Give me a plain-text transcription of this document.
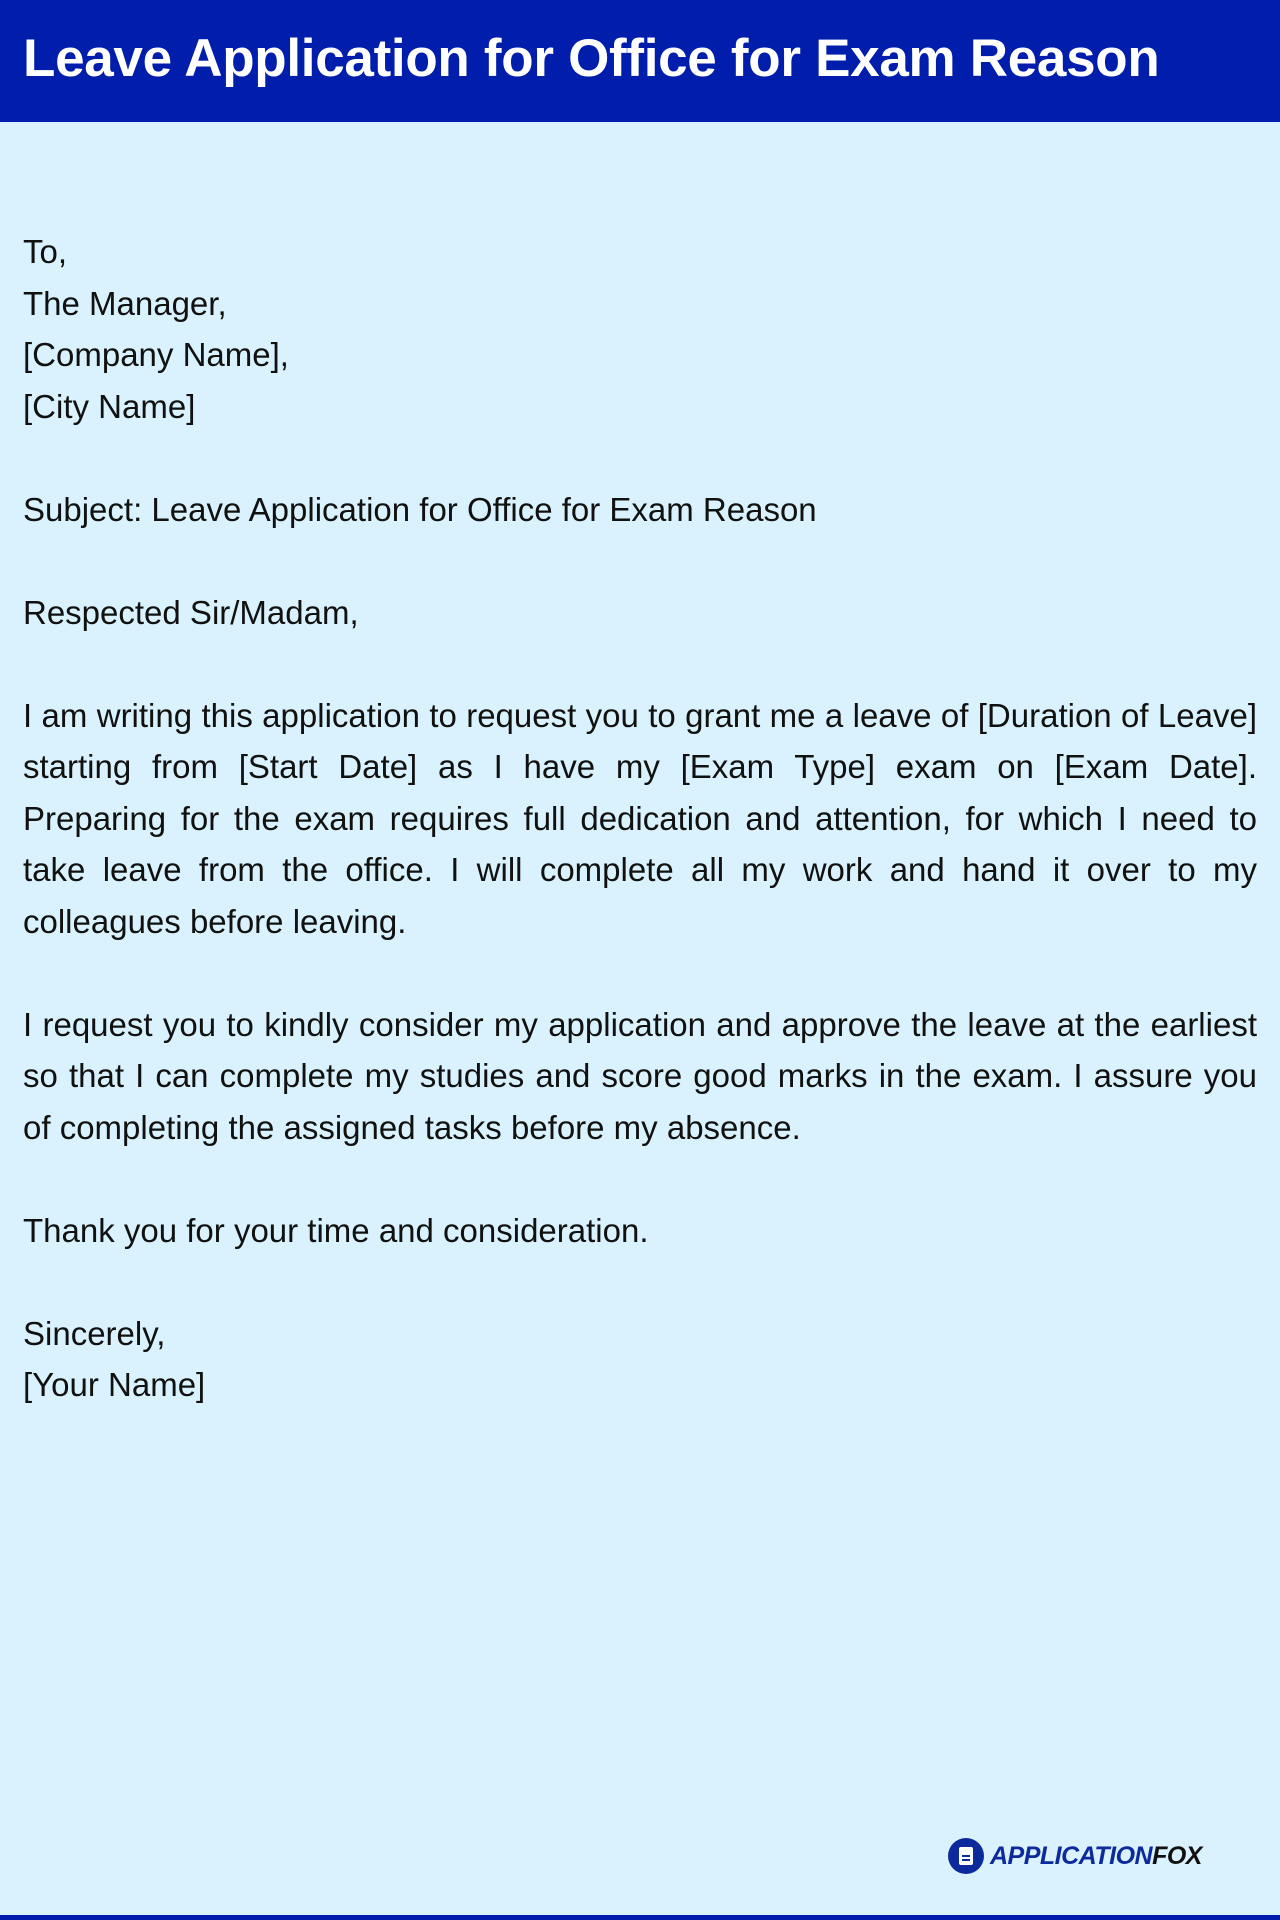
Leave Application for Office for Exam Reason

To,
The Manager,
[Company Name],
[City Name]

Subject: Leave Application for Office for Exam Reason

Respected Sir/Madam,

I am writing this application to request you to grant me a leave of [Duration of Leave] starting from [Start Date] as I have my [Exam Type] exam on [Exam Date]. Preparing for the exam requires full dedication and attention, for which I need to take leave from the office. I will complete all my work and hand it over to my colleagues before leaving.

I request you to kindly consider my application and approve the leave at the earliest so that I can complete my studies and score good marks in the exam. I assure you of completing the assigned tasks before my absence.

Thank you for your time and consideration.

Sincerely,
[Your Name]

APPLICATIONFOX
